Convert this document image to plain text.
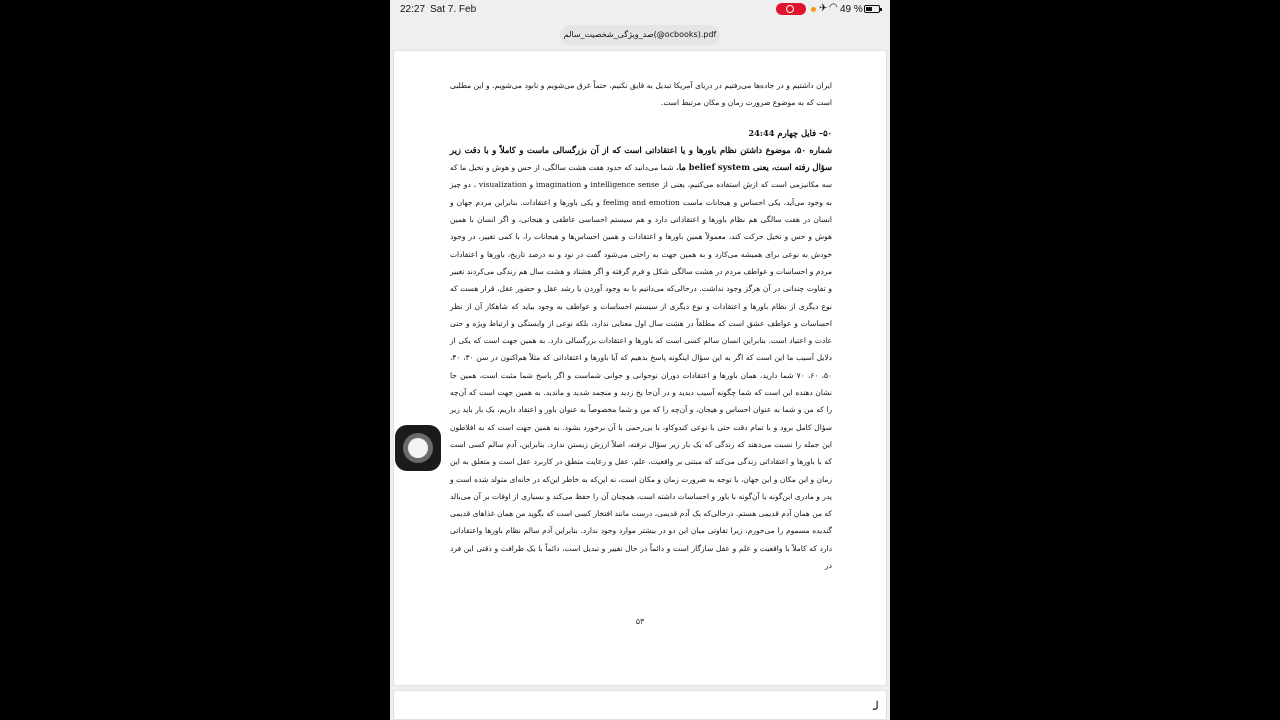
22:27 Sat 7. Feb	✈ ◠ 49 %
صد_ویژگی_شخصیت_سالم(@ocbooks).pdf

ایران داشتیم و در جاده‌ها می‌رفتیم در دریای آمریکا تبدیل به قایق نکنیم، حتماً غرق می‌شویم و نابود می‌شویم. و این مطلبی است که به موضوع ضرورت زمان و مکان مرتبط است.

۵۰– فایل چهارم 24:44

شماره ۵۰، موضوع داشتن نظام باورها و یا اعتقاداتی است که از آن بزرگسالی ماست و کاملاً و با دقت زیر سؤال رفته است، یعنی belief system ما. شما می‌دانید که حدود هفت هشت سالگی، از حس و هوش و تخیل ما که سه مکانیزمی است که ازش استفاده می‌کنیم، یعنی از intelligence sense و imagination و visualization ، دو چیز به وجود می‌آید، یکی احساس و هیجانات ماست feeling and emotion و یکی باورها و اعتقادات. بنابراین مردم جهان و انسان در هفت سالگی هم نظام باورها و اعتقاداتی دارد و هم سیستم احساسی عاطفی و هیجانی، و اگر انسان با همین هوش و حس و تخیل حرکت کند، معمولاً همین باورها و اعتقادات و همین احساس‌ها و هیجانات را، با کمی تغییر، در وجود خودش به نوعی برای همیشه می‌کارد و به همین جهت به راحتی می‌شود گفت در نود و نه درصد تاریخ، باورها و اعتقادات مردم و احساسات و عواطف مردم در هشت سالگی شکل و فرم گرفته و اگر هشتاد و هشت سال هم زندگی می‌کردند تغییر و تفاوت چندانی در آن هرگز وجود نداشت. درحالی‌که می‌دانیم با به وجود آوردن یا رشد عقل و حضور عقل، قرار هست که نوع دیگری از نظام باورها و اعتقادات و نوع دیگری از سیستم احساسات و عواطف به وجود بیاید که شاهکار آن از نظر احساسات و عواطف عشق است که مطلقاً در هشت سال اول معنایی ندارد، بلکه نوعی از وابستگی و ارتباط ویژه و حتی عادت و اعتیاد است. بنابراین انسان سالم کسی است که باورها و اعتقادات بزرگسالی دارد. به همین جهت است که یکی از دلایل آسیب ما این است که اگر به این سؤال اینگونه پاسخ بدهیم که آیا باورها و اعتقاداتی که مثلاً هم‌اکنون در سن ۳۰، ۴۰، ۵۰، ۶۰، ۷۰ شما دارید، همان باورها و اعتقادات دوران نوجوانی و جوانی شماست و اگر پاسخ شما مثبت است، همین جا نشان دهنده این است که شما چگونه آسیب دیدید و در آن‌جا یخ زدید و منجمد شدید و ماندید. به همین جهت است که آن‌چه را که من و شما به عنوان احساس و هیجان، و آن‌چه را که من و شما مخصوصاً به عنوان باور و اعتقاد داریم، یک بار باید زیر سؤال کامل برود و با تمام دقت حتی با نوعی کندوکاو، با بی‌رحمی با آن برخورد بشود. به همین جهت است که به افلاطون این جمله را نسبت می‌دهند که زندگی که یک بار زیر سؤال نرفته، اصلاً ارزش زیستن ندارد. بنابراین، آدم سالم کسی است که با باورها و اعتقاداتی زندگی می‌کند که مبتنی بر واقعیت، علم، عقل و رعایت منطق در کاربرد عقل است و متعلق به این زمان و این مکان و این جهان، با توجه به ضرورت زمان و مکان است، نه این‌که به خاطر این‌که در خانه‌ای متولد شده است و پدر و مادری این‌گونه یا آن‌گونه با باور و احساسات داشته است، همچنان آن را حفظ می‌کند و بسیاری از اوقات بر آن می‌بالد که من همان آدم قدیمی هستم. درحالی‌که یک آدم قدیمی، درست مانند افتخار کسی است که بگوید من همان غذاهای قدیمی گندیده مسموم را می‌خورم، زیرا تفاوتی میان این دو در بیشتر موارد وجود ندارد. بنابراین آدم سالم نظام باورها واعتقاداتی دارد که کاملاً با واقعیت و علم و عقل سازگار است و دائماً در حال تغییر و تبدیل است، دائماً با یک ظرافت و دقتی این فرد در

۵۳
╯
